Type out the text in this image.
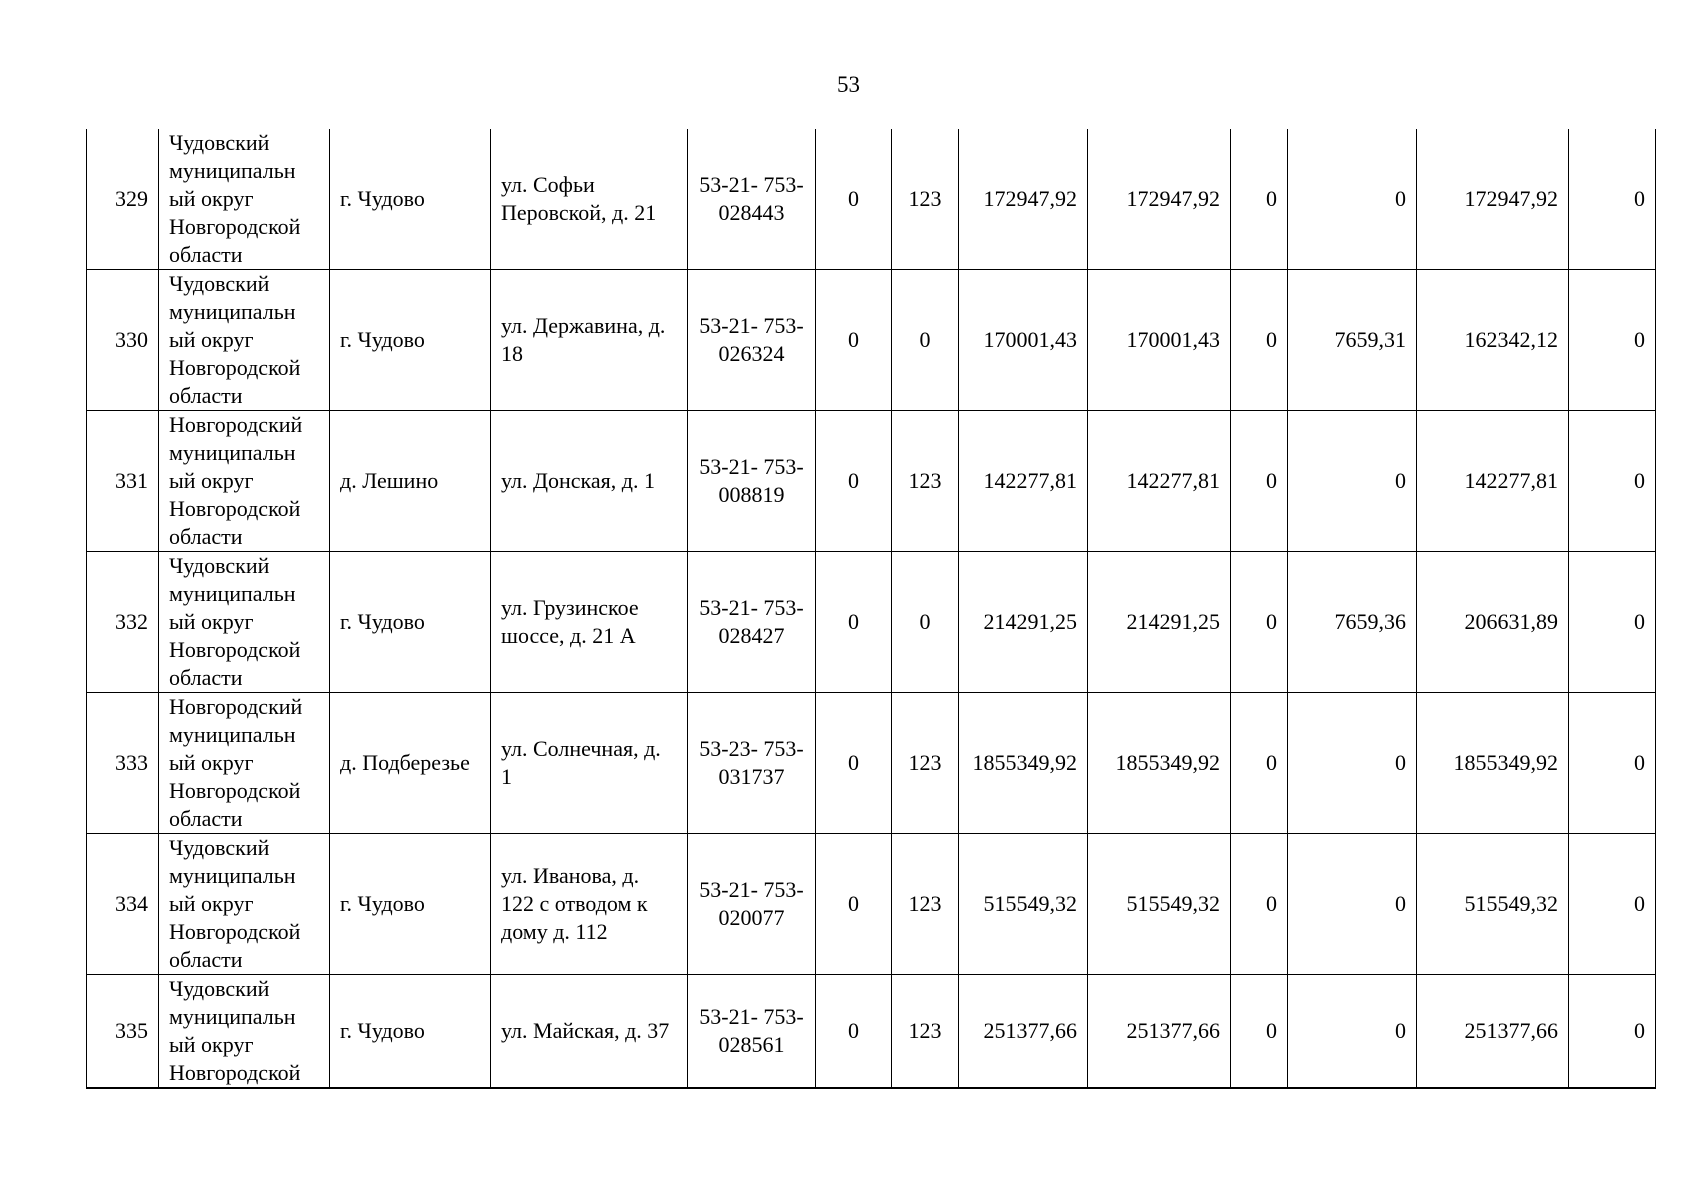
53
329	Чудовский муниципальн ый округ Новгородской области	г. Чудово	ул. Софьи Перовской, д. 21	53-21- 753- 028443	0	123	172947,92	172947,92	0	0	172947,92	0
330	Чудовский муниципальн ый округ Новгородской области	г. Чудово	ул. Державина, д. 18	53-21- 753- 026324	0	0	170001,43	170001,43	0	7659,31	162342,12	0
331	Новгородский муниципальн ый округ Новгородской области	д. Лешино	ул. Донская, д. 1	53-21- 753- 008819	0	123	142277,81	142277,81	0	0	142277,81	0
332	Чудовский муниципальн ый округ Новгородской области	г. Чудово	ул. Грузинское шоссе, д. 21 А	53-21- 753- 028427	0	0	214291,25	214291,25	0	7659,36	206631,89	0
333	Новгородский муниципальн ый округ Новгородской области	д. Подберезье	ул. Солнечная, д. 1	53-23- 753- 031737	0	123	1855349,92	1855349,92	0	0	1855349,92	0
334	Чудовский муниципальн ый округ Новгородской области	г. Чудово	ул. Иванова, д. 122 с отводом к дому д. 112	53-21- 753- 020077	0	123	515549,32	515549,32	0	0	515549,32	0
335	Чудовский муниципальн ый округ Новгородской	г. Чудово	ул. Майская, д. 37	53-21- 753- 028561	0	123	251377,66	251377,66	0	0	251377,66	0
